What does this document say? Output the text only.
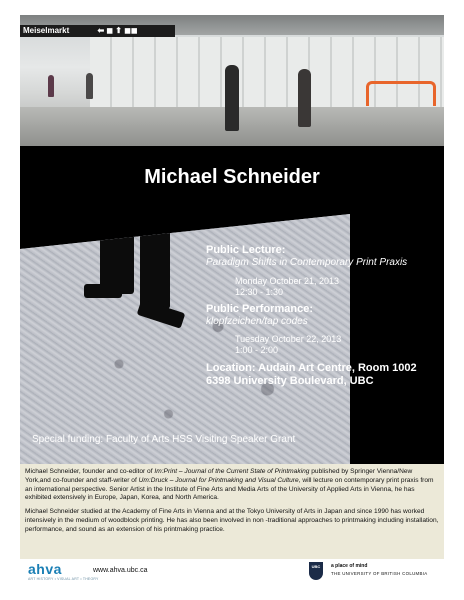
Meiselmarkt	⬅ ◼ ⬆ ◼◼
Michael Schneider
Public Lecture:
Paradigm Shifts in Contemporary Print Praxis
Monday October 21, 2013
12:30 - 1:30
Public Performance:
klopfzeichen/tap codes
Tuesday October 22, 2013
1:00 - 2:00
Location: Audain Art Centre, Room 1002
6398 University Boulevard, UBC
Special funding: Faculty of Arts HSS Visiting Speaker Grant

Michael Schneider, founder and co-editor of Im:Print – Journal of the Current State of Printmaking published by Springer Vienna/New York,and co-founder and staff-writer of Um:Druck – Journal for Printmaking and Visual Culture, will lecture on contemporary print praxis from an international perspective. Senior Artist in the Institute of Fine Arts and Media Arts of the University of Applied Arts in Vienna, he has exhibited extensively in Europe, Japan, Korea, and North America.

Michael Schneider studied at the Academy of Fine Arts in Vienna and at the Tokyo University of Arts in Japan and since 1990 has worked intensively in the medium of woodblock printing. He has also been involved in non -traditional approaches to printmaking including installation, performance, and sound as an extension of his printmaking practice.

ahva
ART HISTORY • VISUAL ART • THEORY
www.ahva.ubc.ca
UBC	a place of mind
THE UNIVERSITY OF BRITISH COLUMBIA
